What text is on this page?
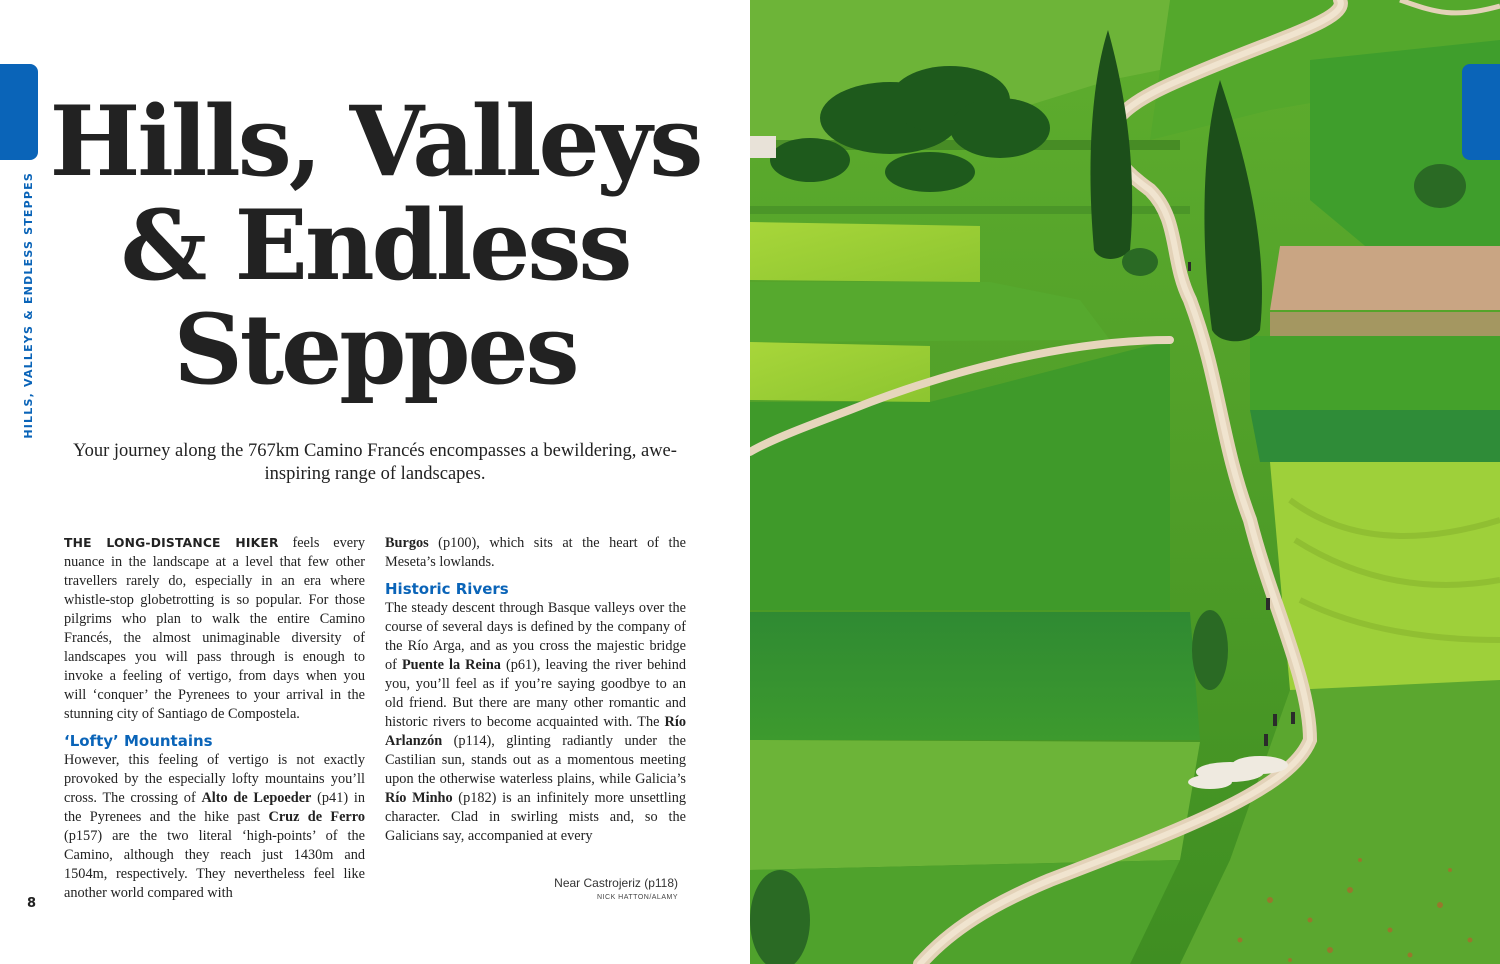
HILLS, VALLEYS & ENDLESS STEPPES
Hills, Valleys
& Endless
Steppes

Your journey along the 767km Camino Francés encompasses a bewildering, awe-inspiring range of landscapes.

THE LONG-DISTANCE HIKER feels every nuance in the landscape at a level that few other travellers rarely do, especially in an era where whistle-stop globetrotting is so popular. For those pilgrims who plan to walk the entire Camino Francés, the almost unimaginable diversity of landscapes you will pass through is enough to invoke a feeling of vertigo, from days when you will ‘conquer’ the Pyrenees to your arrival in the stunning city of Santiago de Compostela.

‘Lofty’ Mountains

However, this feeling of vertigo is not exactly provoked by the especially lofty mountains you’ll cross. The crossing of Alto de Lepoeder (p41) in the Pyrenees and the hike past Cruz de Ferro (p157) are the two literal ‘high-points’ of the Camino, although they reach just 1430m and 1504m, respectively. They nevertheless feel like another world compared with

Burgos (p100), which sits at the heart of the Meseta’s lowlands.

Historic Rivers

The steady descent through Basque valleys over the course of several days is defined by the company of the Río Arga, and as you cross the majestic bridge of Puente la Reina (p61), leaving the river behind you, you’ll feel as if you’re saying goodbye to an old friend. But there are many other romantic and historic rivers to become acquainted with. The Río Arlanzón (p114), glinting radiantly under the Castilian sun, stands out as a momentous meeting upon the otherwise waterless plains, while Galicia’s Río Minho (p182) is an infinitely more unsettling character. Clad in swirling mists and, so the Galicians say, accompanied at every

Near Castrojeriz (p118)
NICK HATTON/ALAMY
8
